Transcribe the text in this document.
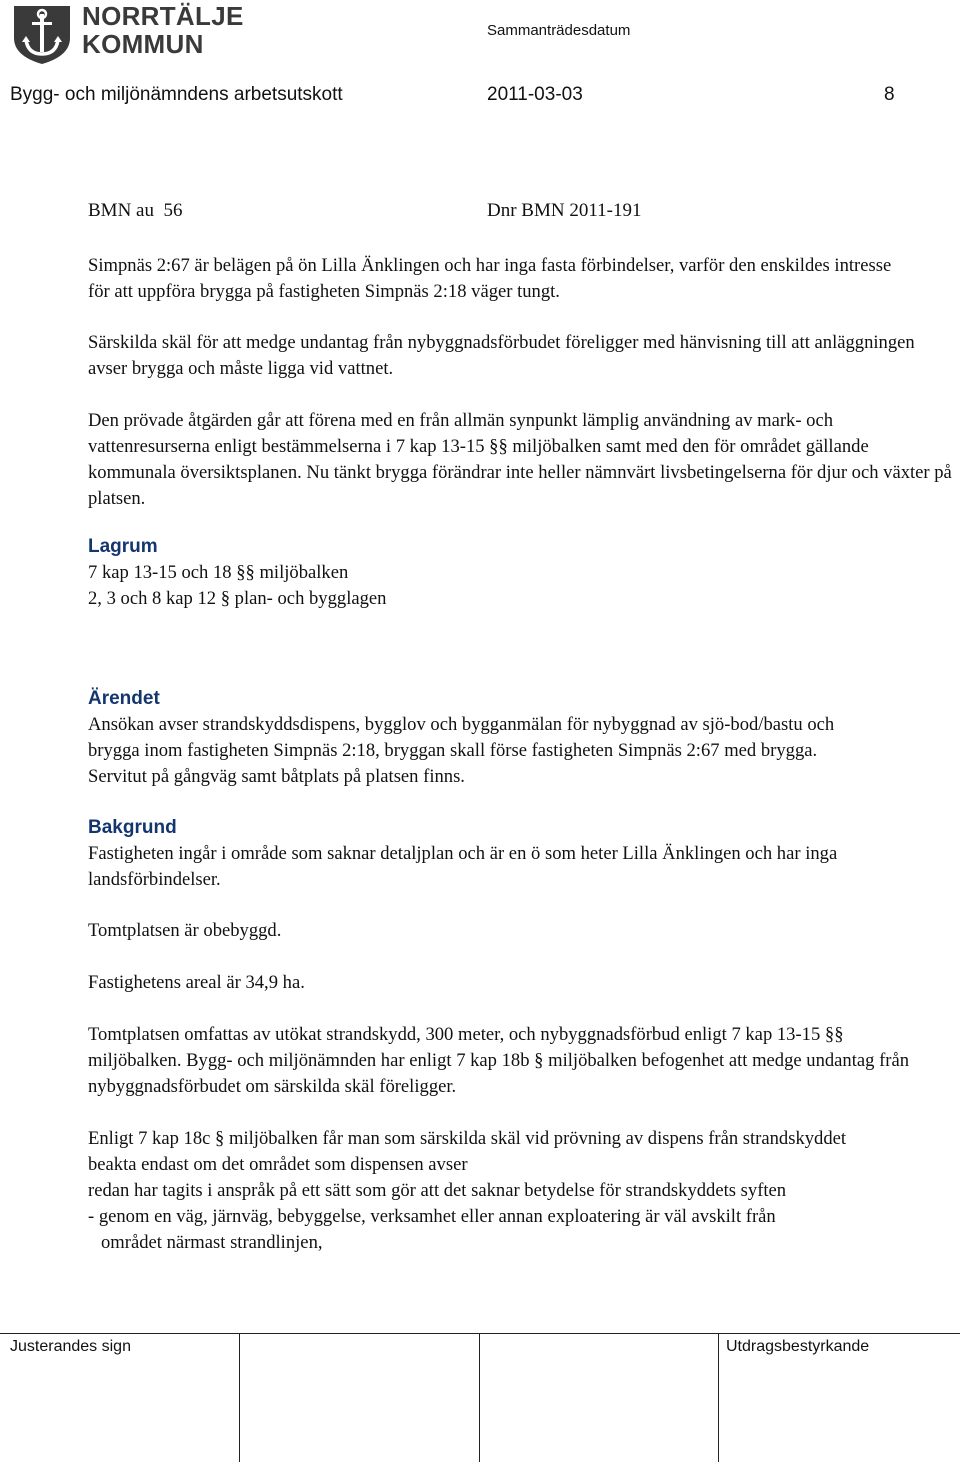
NORRTÄLJE
KOMMUN	Sammanträdesdatum
Bygg- och miljönämndens arbetsutskott	2011-03-03	8
BMN au  56	Dnr BMN 2011-191
Simpnäs 2:67 är belägen på ön Lilla Änklingen och har inga fasta förbindelser, varför den enskildes intresse för att uppföra brygga på fastigheten Simpnäs 2:18 väger tungt.
Särskilda skäl för att medge undantag från nybyggnadsförbudet föreligger med hänvisning till att anläggningen avser brygga och måste ligga vid vattnet.
Den prövade åtgärden går att förena med en från allmän synpunkt lämplig användning av mark- och vattenresurserna enligt bestämmelserna i 7 kap 13-15 §§ miljöbalken samt med den för området gällande kommunala översiktsplanen. Nu tänkt brygga förändrar inte heller nämnvärt livsbetingelserna för djur och växter på platsen.
Lagrum

7 kap 13-15 och 18 §§ miljöbalken

2, 3 och 8 kap 12 § plan- och bygglagen

Ärendet
Ansökan avser strandskyddsdispens, bygglov och bygganmälan för nybyggnad av sjö-bod/bastu och brygga inom fastigheten Simpnäs 2:18, bryggan skall förse fastigheten Simpnäs 2:67 med brygga. Servitut på gångväg samt båtplats på platsen finns.
Bakgrund
Fastigheten ingår i område som saknar detaljplan och är en ö som heter Lilla Änklingen och har inga landsförbindelser.
Tomtplatsen är obebyggd.
Fastighetens areal är 34,9 ha.
Tomtplatsen omfattas av utökat strandskydd, 300 meter, och nybyggnadsförbud enligt 7 kap 13-15 §§ miljöbalken. Bygg- och miljönämnden har enligt 7 kap 18b § miljöbalken befogenhet att medge undantag från nybyggnadsförbudet om särskilda skäl föreligger.

Enligt 7 kap 18c § miljöbalken får man som särskilda skäl vid prövning av dispens från strandskyddet beakta endast om det området som dispensen avser

redan har tagits i anspråk på ett sätt som gör att det saknar betydelse för strandskyddets syften

- genom en väg, järnväg, bebyggelse, verksamhet eller annan exploatering är väl avskilt från

området närmast strandlinjen,

Justerandes sign	Utdragsbestyrkande
